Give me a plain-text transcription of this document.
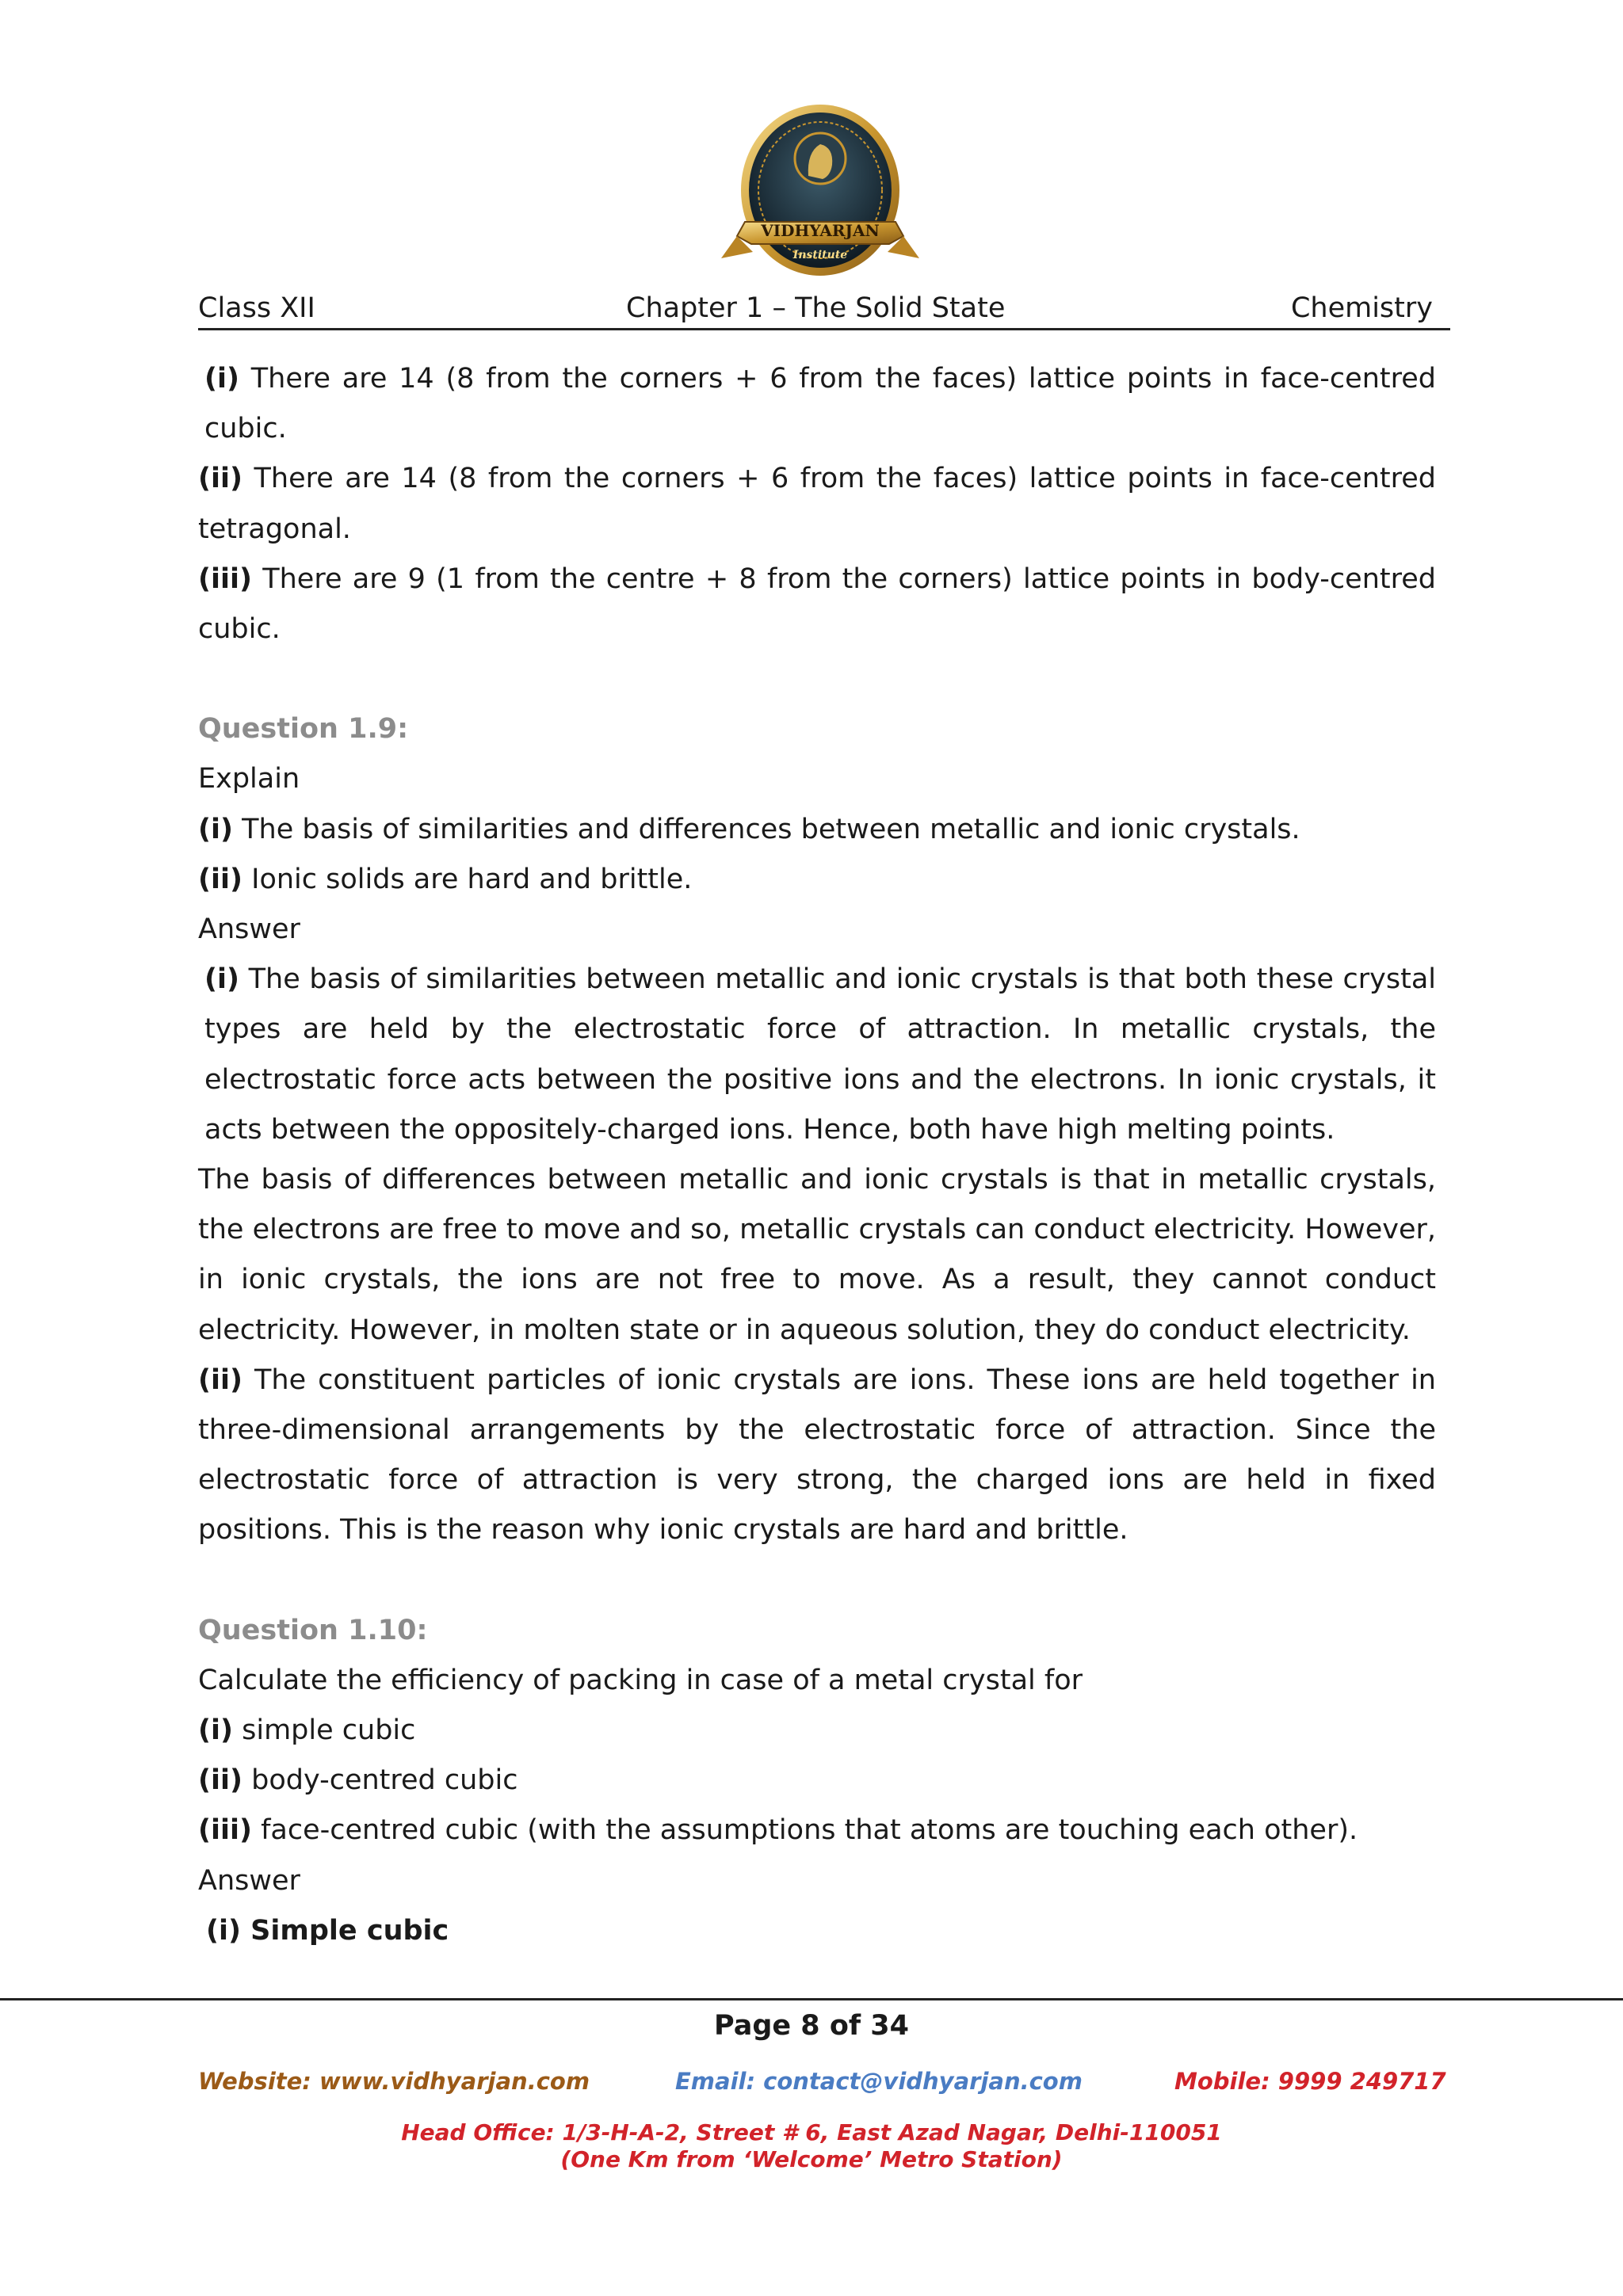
VIDHYARJAN
Institute
Class XII	Chapter 1 – The Solid State	Chemistry

(i) There are 14 (8 from the corners + 6 from the faces) lattice points in face-centred cubic.

(ii) There are 14 (8 from the corners + 6 from the faces) lattice points in face-centred tetragonal.

(iii) There are 9 (1 from the centre + 8 from the corners) lattice points in body-centred cubic.

Question 1.9:

Explain

(i) The basis of similarities and differences between metallic and ionic crystals.

(ii) Ionic solids are hard and brittle.

Answer

(i) The basis of similarities between metallic and ionic crystals is that both these crystal types are held by the electrostatic force of attraction. In metallic crystals, the electrostatic force acts between the positive ions and the electrons. In ionic crystals, it acts between the oppositely-charged ions. Hence, both have high melting points.

The basis of differences between metallic and ionic crystals is that in metallic crystals, the electrons are free to move and so, metallic crystals can conduct electricity. However, in ionic crystals, the ions are not free to move. As a result, they cannot conduct electricity. However, in molten state or in aqueous solution, they do conduct electricity.

(ii) The constituent particles of ionic crystals are ions. These ions are held together in three-dimensional arrangements by the electrostatic force of attraction. Since the electrostatic force of attraction is very strong, the charged ions are held in fixed positions. This is the reason why ionic crystals are hard and brittle.

Question 1.10:

Calculate the efficiency of packing in case of a metal crystal for

(i) simple cubic

(ii) body-centred cubic

(iii) face-centred cubic (with the assumptions that atoms are touching each other).

Answer

(i) Simple cubic

Page 8 of 34
Website: www.vidhyarjan.com	Email: contact@vidhyarjan.com	Mobile: 9999 249717
Head Office: 1/3-H-A-2, Street # 6, East Azad Nagar, Delhi-110051
(One Km from ‘Welcome’ Metro Station)
